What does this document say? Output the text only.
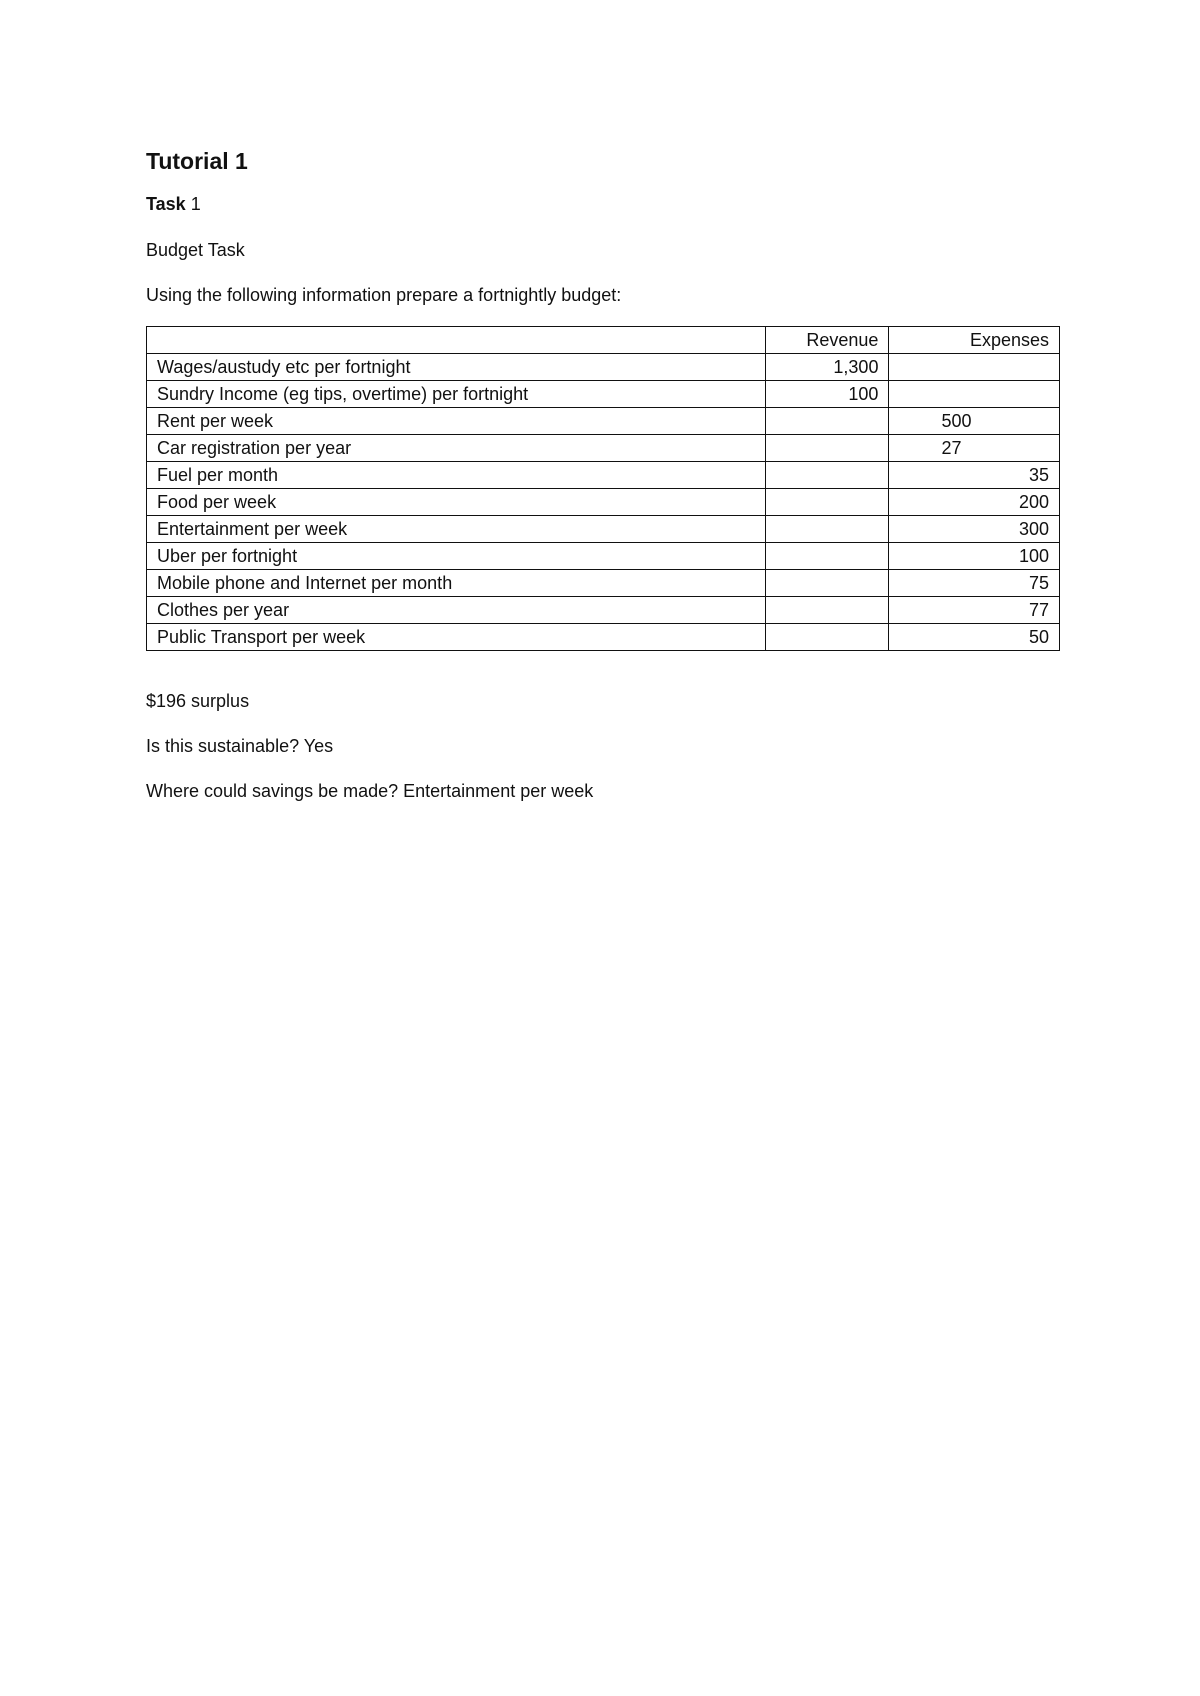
Tutorial 1
Task 1
Budget Task
Using the following information prepare a fortnightly budget:
	Revenue	Expenses
Wages/austudy etc per fortnight	1,300	
Sundry Income (eg tips, overtime) per fortnight	100	
Rent per week		500
Car registration per year		27
Fuel per month		35
Food per week		200
Entertainment per week		300
Uber per fortnight		100
Mobile phone and Internet per month		75
Clothes per year		77
Public Transport per week		50
$196 surplus
Is this sustainable? Yes
Where could savings be made? Entertainment per week
